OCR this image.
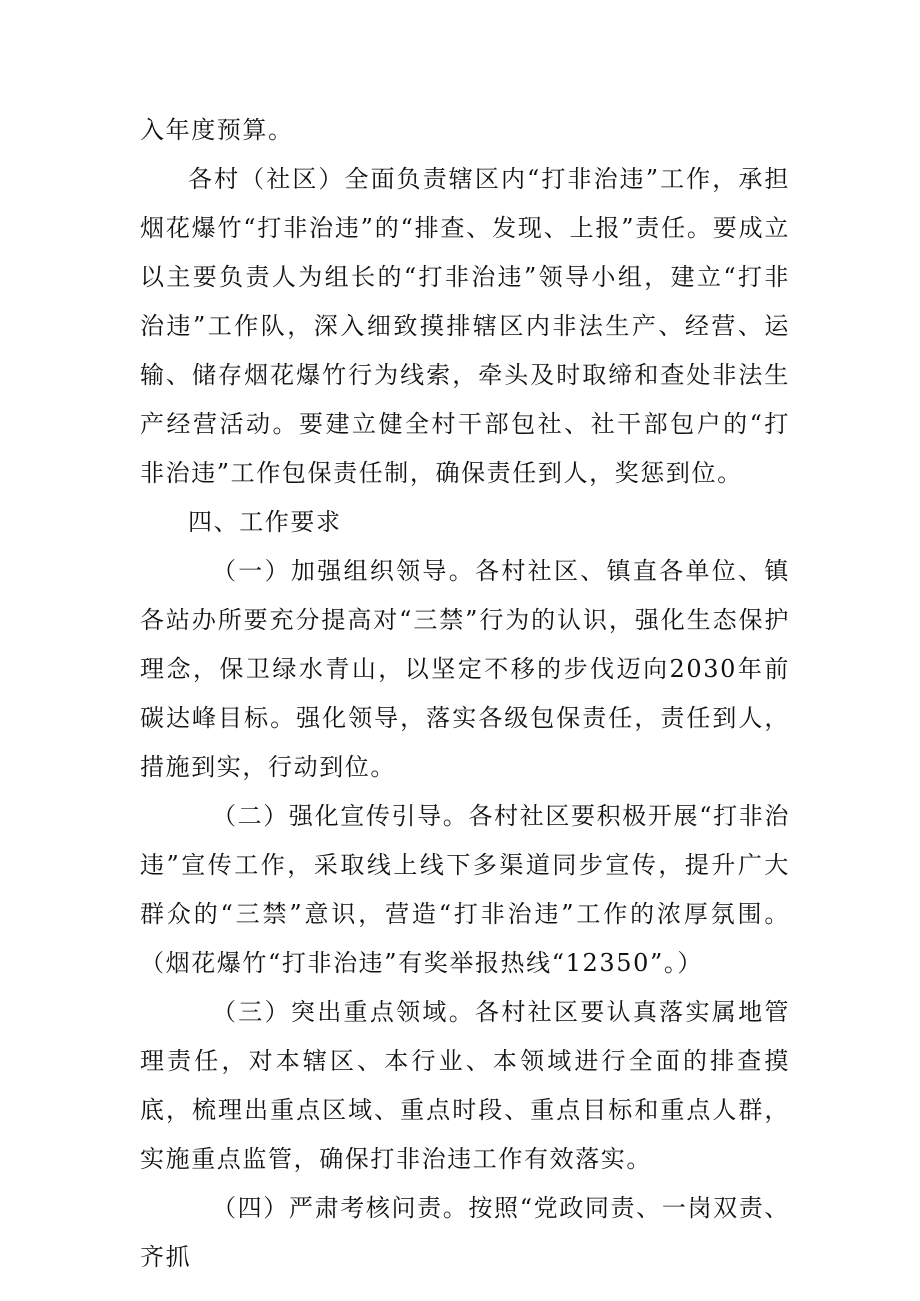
入年度预算。

各村（社区）全面负责辖区内“打非治违”工作，承担烟花爆竹“打非治违”的“排查、发现、上报”责任。要成立以主要负责人为组长的“打非治违”领导小组，建立“打非治违”工作队，深入细致摸排辖区内非法生产、经营、运输、储存烟花爆竹行为线索，牵头及时取缔和查处非法生产经营活动。要建立健全村干部包社、社干部包户的“打非治违”工作包保责任制，确保责任到人，奖惩到位。

四、工作要求

（一）加强组织领导。各村社区、镇直各单位、镇各站办所要充分提高对“三禁”行为的认识，强化生态保护理念，保卫绿水青山，以坚定不移的步伐迈向2030年前碳达峰目标。强化领导，落实各级包保责任，责任到人，措施到实，行动到位。

（二）强化宣传引导。各村社区要积极开展“打非治违”宣传工作，采取线上线下多渠道同步宣传，提升广大群众的“三禁”意识，营造“打非治违”工作的浓厚氛围。（烟花爆竹“打非治违”有奖举报热线“12350”。）

（三）突出重点领域。各村社区要认真落实属地管理责任，对本辖区、本行业、本领域进行全面的排查摸底，梳理出重点区域、重点时段、重点目标和重点人群，实施重点监管，确保打非治违工作有效落实。

（四）严肃考核问责。按照“党政同责、一岗双责、齐抓
